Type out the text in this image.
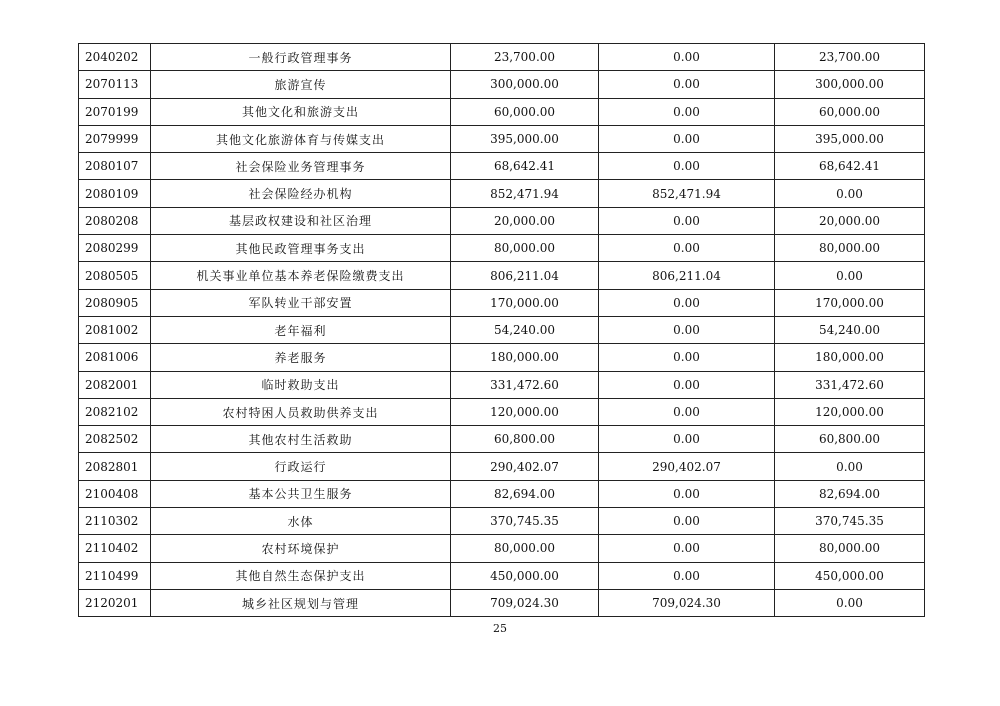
2040202	一般行政管理事务	23,700.00	0.00	23,700.00
2070113	旅游宣传	300,000.00	0.00	300,000.00
2070199	其他文化和旅游支出	60,000.00	0.00	60,000.00
2079999	其他文化旅游体育与传媒支出	395,000.00	0.00	395,000.00
2080107	社会保险业务管理事务	68,642.41	0.00	68,642.41
2080109	社会保险经办机构	852,471.94	852,471.94	0.00
2080208	基层政权建设和社区治理	20,000.00	0.00	20,000.00
2080299	其他民政管理事务支出	80,000.00	0.00	80,000.00
2080505	机关事业单位基本养老保险缴费支出	806,211.04	806,211.04	0.00
2080905	军队转业干部安置	170,000.00	0.00	170,000.00
2081002	老年福利	54,240.00	0.00	54,240.00
2081006	养老服务	180,000.00	0.00	180,000.00
2082001	临时救助支出	331,472.60	0.00	331,472.60
2082102	农村特困人员救助供养支出	120,000.00	0.00	120,000.00
2082502	其他农村生活救助	60,800.00	0.00	60,800.00
2082801	行政运行	290,402.07	290,402.07	0.00
2100408	基本公共卫生服务	82,694.00	0.00	82,694.00
2110302	水体	370,745.35	0.00	370,745.35
2110402	农村环境保护	80,000.00	0.00	80,000.00
2110499	其他自然生态保护支出	450,000.00	0.00	450,000.00
2120201	城乡社区规划与管理	709,024.30	709,024.30	0.00
25
